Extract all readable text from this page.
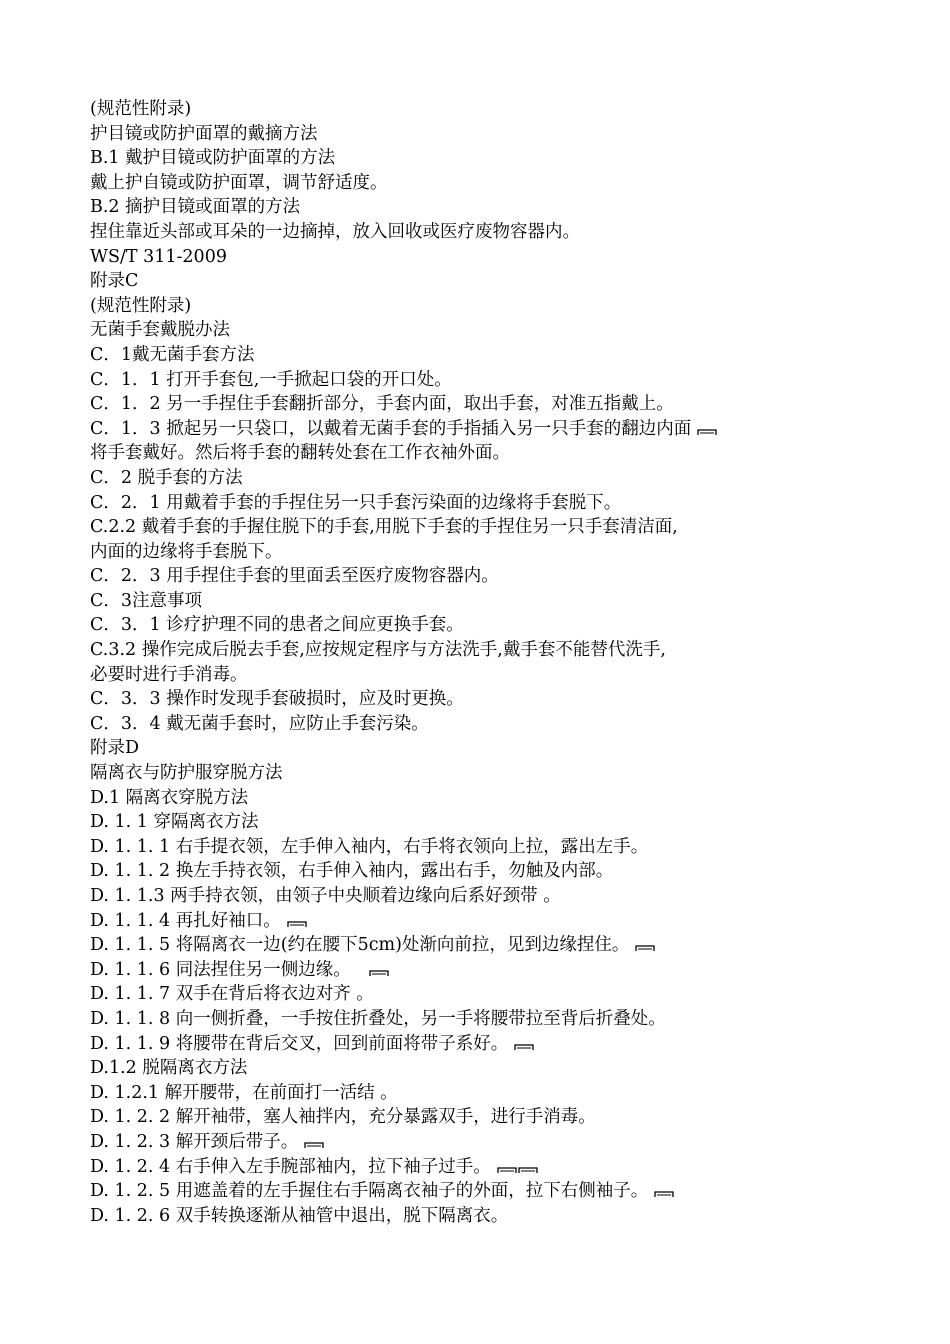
(规范性附录)
护目镜或防护面罩的戴摘方法
B.1 戴护目镜或防护面罩的方法
戴上护自镜或防护面罩，调节舒适度。
B.2 摘护目镜或面罩的方法
捏住靠近头部或耳朵的一边摘掉，放入回收或医疗废物容器内。
WS/T 311-2009
附录C
(规范性附录)
无菌手套戴脱办法
C．1戴无菌手套方法
C．1．1 打开手套包,一手掀起口袋的开口处。
C．1．2 另一手捏住手套翻折部分，手套内面，取出手套，对准五指戴上。
C．1．3 掀起另一只袋口，以戴着无菌手套的手指插入另一只手套的翻边内面
将手套戴好。然后将手套的翻转处套在工作衣袖外面。
C．2 脱手套的方法
C．2．1 用戴着手套的手捏住另一只手套污染面的边缘将手套脱下。
C.2.2 戴着手套的手握住脱下的手套,用脱下手套的手捏住另一只手套清洁面,
内面的边缘将手套脱下。
C．2．3 用手捏住手套的里面丢至医疗废物容器内。
C．3注意事项
C．3．1 诊疗护理不同的患者之间应更换手套。
C.3.2 操作完成后脱去手套,应按规定程序与方法洗手,戴手套不能替代洗手,
必要时进行手消毒。
C．3．3 操作时发现手套破损时，应及时更换。
C．3．4 戴无菌手套时，应防止手套污染。
附录D
隔离衣与防护服穿脱方法
D.1 隔离衣穿脱方法
D. 1. 1 穿隔离衣方法
D. 1. 1. 1 右手提衣领，左手伸入袖内，右手将衣领向上拉，露出左手。
D. 1. 1. 2 换左手持衣领，右手伸入袖内，露出右手，勿触及内部。
D. 1. 1.3 两手持衣领，由领子中央顺着边缘向后系好颈带 。
D. 1. 1. 4 再扎好袖口。
D. 1. 1. 5 将隔离衣一边(约在腰下5cm)处渐向前拉，见到边缘捏住。
D. 1. 1. 6 同法捏住另一侧边缘。
D. 1. 1. 7 双手在背后将衣边对齐 。
D. 1. 1. 8 向一侧折叠，一手按住折叠处，另一手将腰带拉至背后折叠处。
D. 1. 1. 9 将腰带在背后交叉，回到前面将带子系好。
D.1.2 脱隔离衣方法
D. 1.2.1 解开腰带，在前面打一活结 。
D. 1. 2. 2 解开袖带，塞人袖拌内，充分暴露双手，进行手消毒。
D. 1. 2. 3 解开颈后带子。
D. 1. 2. 4 右手伸入左手腕部袖内，拉下袖子过手。
D. 1. 2. 5 用遮盖着的左手握住右手隔离衣袖子的外面，拉下右侧袖子。
D. 1. 2. 6 双手转换逐渐从袖管中退出，脱下隔离衣。
